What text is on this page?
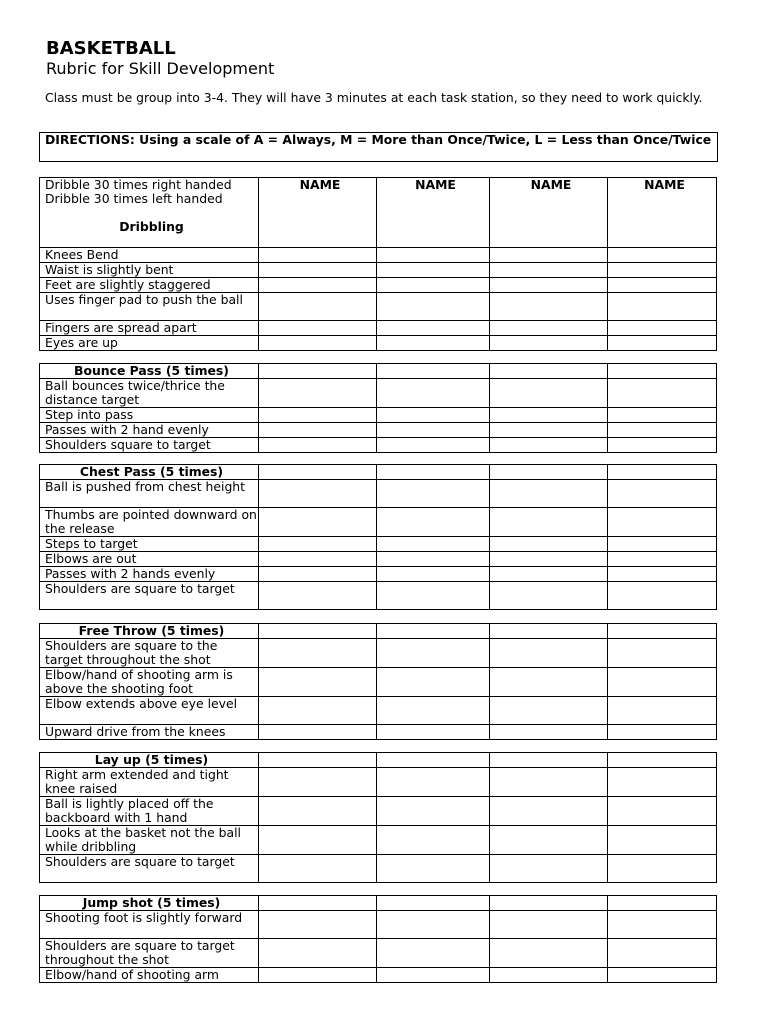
BASKETBALL
Rubric for Skill Development
Class must be group into 3-4. They will have 3 minutes at each task station, so they need to work quickly.
DIRECTIONS: Using a scale of A = Always, M = More than Once/Twice, L = Less than Once/Twice
Dribble 30 times right handed
Dribble 30 times left handed
Dribbling	NAME	NAME	NAME	NAME
Knees Bend				
Waist is slightly bent				
Feet are slightly staggered				
Uses finger pad to push the ball				
Fingers are spread apart				
Eyes are up				
Bounce Pass (5 times)				
Ball bounces twice/thrice the distance target				
Step into pass				
Passes with 2 hand evenly				
Shoulders square to target				
Chest Pass (5 times)				
Ball is pushed from chest height				
Thumbs are pointed downward on the release				
Steps to target				
Elbows are out				
Passes with 2 hands evenly				
Shoulders are square to target				
Free Throw (5 times)				
Shoulders are square to the target throughout the shot				
Elbow/hand of shooting arm is above the shooting foot				
Elbow extends above eye level				
Upward drive from the knees				
Lay up (5 times)				
Right arm extended and tight knee raised				
Ball is lightly placed off the backboard with 1 hand				
Looks at the basket not the ball while dribbling				
Shoulders are square to target				
Jump shot (5 times)				
Shooting foot is slightly forward				
Shoulders are square to target throughout the shot				
Elbow/hand of shooting arm				
